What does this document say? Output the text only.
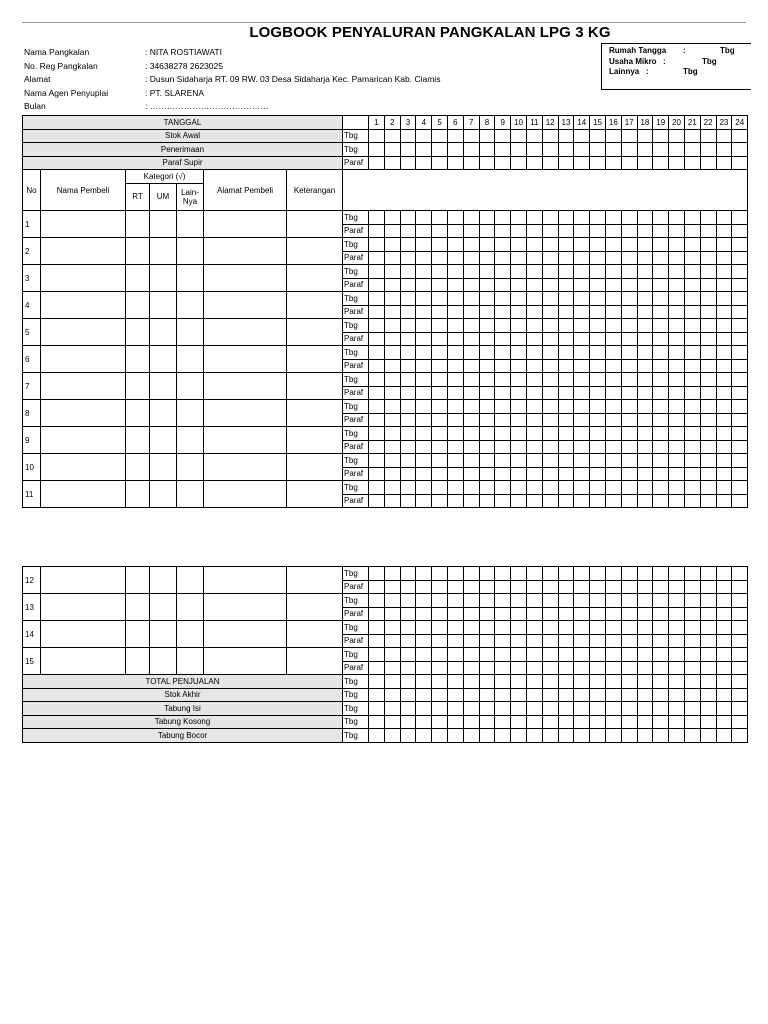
LOGBOOK PENYALURAN PANGKALAN LPG 3 KG
Nama Pangkalan	: NITA ROSTIAWATI
No. Reg Pangkalan	: 34638278 2623025
Alamat	: Dusun Sidaharja RT. 09 RW. 03 Desa Sidaharja Kec. Pamarican Kab. Ciamis
Nama Agen Penyuplai	: PT. SLARENA
Bulan	: ……………………………………
Rumah Tangga :	Tbg
Usaha Mikro :	Tbg
Lainnya :	Tbg
TANGGAL								1	2	3	4	5	6	7	8	9	10	11	12	13	14	15	16	17	18	19	20	21	22	23	24
Stok Awal							Tbg																								
Penerimaan							Tbg																								
Paraf Supir							Paraf																								
No	Nama Pembeli	Kategori (√)			Alamat Pembeli	Keterangan																									
		RT	UM	Lain-Nya																											

1							Tbg																								
							Paraf																								
2							Tbg																								
							Paraf																								
3							Tbg																								
							Paraf																								
4							Tbg																								
							Paraf																								
5							Tbg																								
							Paraf																								
6							Tbg																								
							Paraf																								
7							Tbg																								
							Paraf																								
8							Tbg																								
							Paraf																								
9							Tbg																								
							Paraf																								
10							Tbg																								
							Paraf																								
11							Tbg																								
							Paraf																								
12							Tbg																								
							Paraf																								
13							Tbg																								
							Paraf																								
14							Tbg																								
							Paraf																								
15							Tbg																								
							Paraf																								
TOTAL PENJUALAN							Tbg																								
Stok Akhir							Tbg																								
Tabung Isi							Tbg																								
Tabung Kosong							Tbg																								
Tabung Bocor							Tbg																								
